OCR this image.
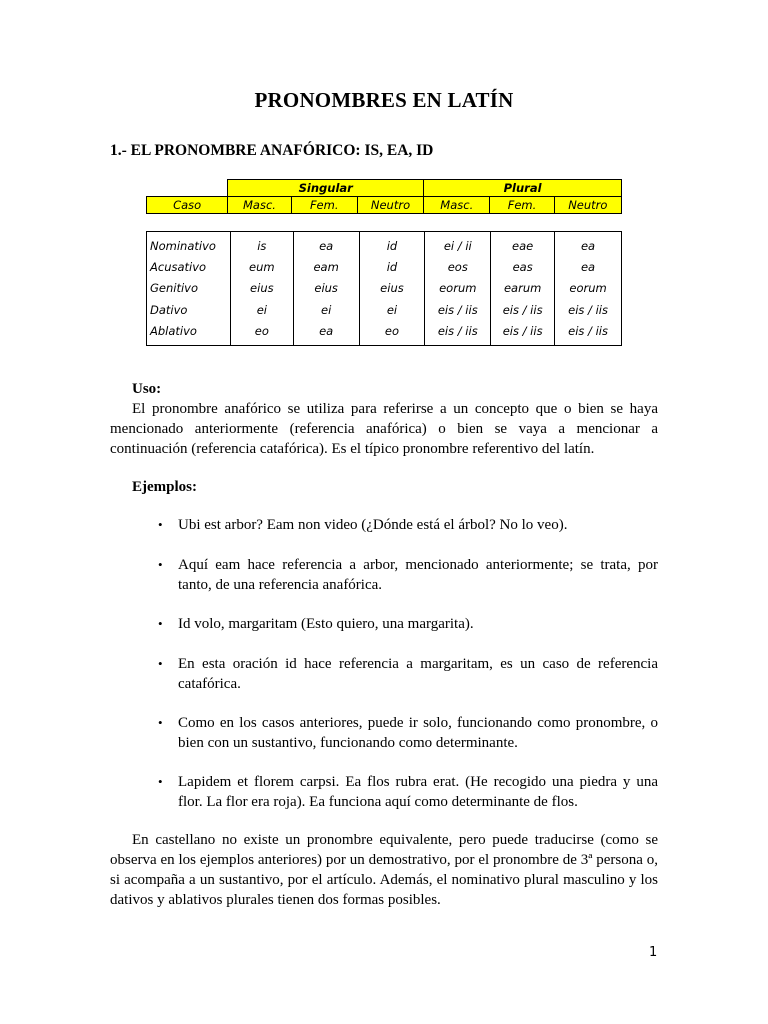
PRONOMBRES EN LATÍN
1.- EL PRONOMBRE ANAFÓRICO: IS, EA, ID
	Singular			Plural		
Caso	Masc.	Fem.	Neutro	Masc.	Fem.	Neutro
Nominativo	is	ea	id	ei / ii	eae	ea
Acusativo	eum	eam	id	eos	eas	ea
Genitivo	eius	eius	eius	eorum	earum	eorum
Dativo	ei	ei	ei	eis / iis	eis / iis	eis / iis
Ablativo	eo	ea	eo	eis / iis	eis / iis	eis / iis
Uso:
El pronombre anafórico se utiliza para referirse a un concepto que o bien se haya mencionado anteriormente (referencia anafórica) o bien se vaya a mencionar a continuación (referencia catafórica). Es el típico pronombre referentivo del latín.
Ejemplos:
• Ubi est arbor? Eam non video (¿Dónde está el árbol? No lo veo).
• Aquí eam hace referencia a arbor, mencionado anteriormente; se trata, por tanto, de una referencia anafórica.
• Id volo, margaritam (Esto quiero, una margarita).
• En esta oración id hace referencia a margaritam, es un caso de referencia catafórica.
• Como en los casos anteriores, puede ir solo, funcionando como pronombre, o bien con un sustantivo, funcionando como determinante.
• Lapidem et florem carpsi. Ea flos rubra erat. (He recogido una piedra y una flor. La flor era roja). Ea funciona aquí como determinante de flos.
En castellano no existe un pronombre equivalente, pero puede traducirse (como se observa en los ejemplos anteriores) por un demostrativo, por el pronombre de 3ª persona o, si acompaña a un sustantivo, por el artículo. Además, el nominativo plural masculino y los dativos y ablativos plurales tienen dos formas posibles.
1
